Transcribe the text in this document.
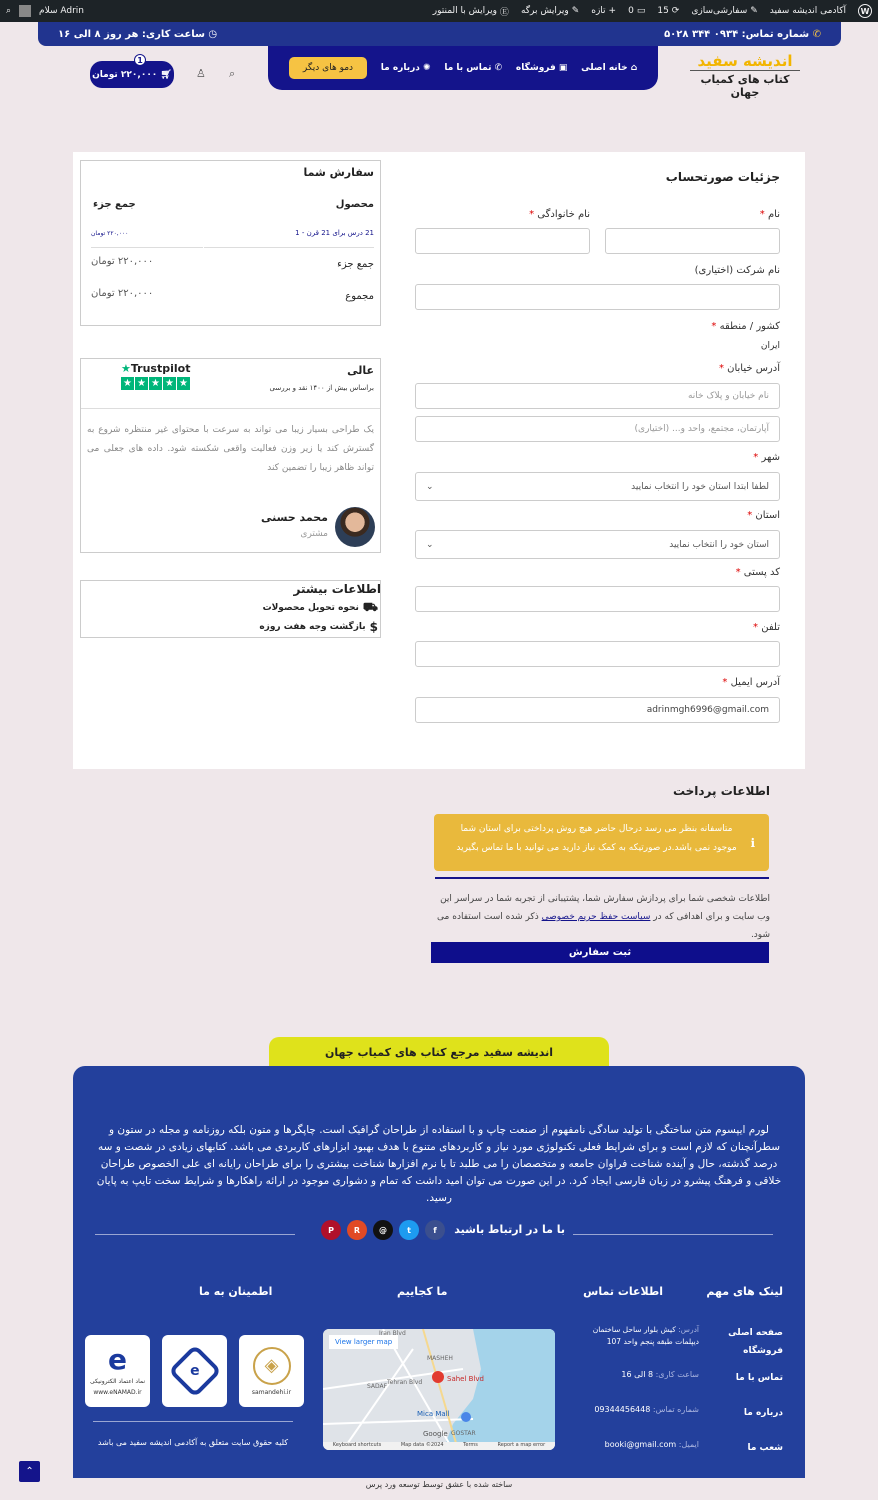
W
آکادمی اندیشه سفید
✎
سفارشی‌سازی
⟳
15
▭
0
+
تازه
✎
ویرایش برگه
Ⓔ
ویرایش با المنتور
⌕	سلام Adrin
✆ شماره تماس: ۰۹۳۴ ۳۴۴ ۵۰۲۸
◷ ساعت کاری: هر روز ۸ الی ۱۶
اندیشه سفید
کتاب های کمیاب جهان
⌂ خانه اصلی
▣ فروشگاه
✆ تماس با ما
✺ درباره ما
دمو های دیگر
⌕
♙
1
🛒︎

۲۲۰,۰۰۰ تومان
جزئیات صورتحساب
نام *
نام خانوادگی *
نام شرکت (اختیاری)
کشور / منطقه *
ایران
آدرس خیابان *
نام خیابان و پلاک خانه
آپارتمان، مجتمع، واحد و... (اختیاری)
شهر *
لطفا ابتدا استان خود را انتخاب نمایید
⌄
استان *
استان خود را انتخاب نمایید
⌄
کد پستی *
تلفن *
آدرس ایمیل *
adrinmgh6996@gmail.com
سفارش شما
محصول
جمع جزء
21 درس برای 21 قرن - 1
۲۲۰,۰۰۰ تومان
جمع جزء
۲۲۰,۰۰۰ تومان
مجموع
۲۲۰,۰۰۰ تومان
عالی
براساس بیش از ۱۴۰۰ نقد و بررسی
★Trustpilot
★ ★ ★ ★ ★
یک طراحی بسیار زیبا می تواند به سرعت با محتوای غیر منتظره شروع به گسترش کند یا زیر وزن فعالیت واقعی شکسته شود. داده های جعلی می تواند ظاهر زیبا را تضمین کند
محمد حسنی
مشتری
اطلاعات بیشتر
⛟
نحوه تحویل محصولات
$
بازگشت وجه هفت روزه
اطلاعات پرداخت
ℹ
متاسفانه بنظر می رسد درحال حاضر هیچ روش پرداختی برای استان شما موجود نمی باشد.در صورتیکه به کمک نیاز دارید می توانید با ما تماس بگیرید
اطلاعات شخصی شما برای پردازش سفارش شما، پشتیبانی از تجربه شما در سراسر این وب سایت و برای اهدافی که در سیاست حفظ حریم خصوصی ذکر شده است استفاده می شود.
ثبت سفارش
اندیشه سفید مرجع کتاب های کمیاب جهان
لورم ایپسوم متن ساختگی با تولید سادگی نامفهوم از صنعت چاپ و با استفاده از طراحان گرافیک است. چاپگرها و متون بلکه روزنامه و مجله در ستون و سطرآنچنان که لازم است و برای شرایط فعلی تکنولوژی مورد نیاز و کاربردهای متنوع با هدف بهبود ابزارهای کاربردی می باشد. کتابهای زیادی در شصت و سه درصد گذشته، حال و آینده شناخت فراوان جامعه و متخصصان را می طلبد تا با نرم افزارها شناخت بیشتری را برای طراحان رایانه ای علی الخصوص طراحان خلاقی و فرهنگ پیشرو در زبان فارسی ایجاد کرد. در این صورت می توان امید داشت که تمام و دشواری موجود در ارائه راهکارها و شرایط سخت تایپ به پایان رسید.
با ما در ارتباط باشید
P	R	@	t	f
لینک های مهم
صفحه اصلی
فروشگاه
تماس با ما
درباره ما
شعب ما
اطلاعات تماس
آدرس: کیش بلوار ساحل ساختمان دیپلمات طبقه پنجم واحد 107
ساعت کاری: 8 الی 16
شماره تماس: 09344456448
ایمیل: booki@gmail.com
ما کجاییم
View larger map
Sahel Blvd
Mica Mall
MASHEH
SADAF
Tehran Blvd
Iran Blvd
GOSTAR
Google
Keyboard shortcuts	Map data ©2024	Terms	Report a map error
اطمینان به ما
e
نماد اعتماد الکترونیکی
www.eNAMAD.ir
e	◈
samandehi.ir
کلیه حقوق سایت متعلق به آکادمی اندیشه سفید می باشد
ساخته شده با عشق توسط توسعه ورد پرس
⌃
